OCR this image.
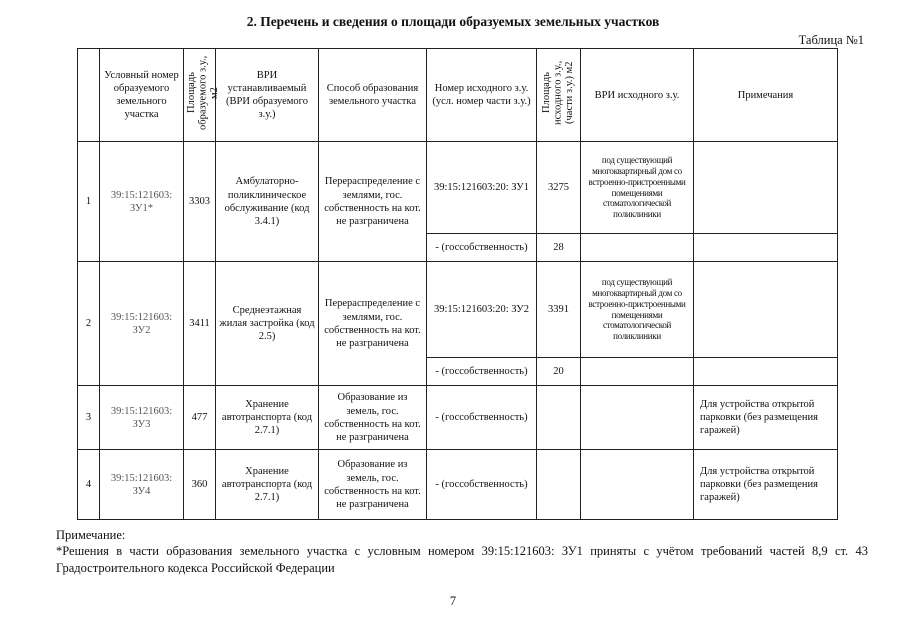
2. Перечень и сведения о площади образуемых земельных участков
Таблица №1
	Условный номер образуемого земельного участка	Площадь образуемого з.у., м2	ВРИ устанавливаемый (ВРИ образуемого з.у.)	Способ образования земельного участка	Номер исходного з.у. (усл. номер части з.у.)	Площадь исходного з.у., (части з.у.) м2	ВРИ исходного з.у.	Примечания
1	39:15:121603: ЗУ1*	3303	Амбулаторно-поликлиническое обслуживание (код 3.4.1)	Перераспределение с землями, гос. собственность на кот. не разграничена	39:15:121603:20: ЗУ1	3275	под существующий многоквартирный дом со встроенно-пристроенными помещениями стоматологической поликлиники	
					- (госсобственность)	28		
2	39:15:121603: ЗУ2	3411	Среднеэтажная жилая застройка (код 2.5)	Перераспределение с землями, гос. собственность на кот. не разграничена	39:15:121603:20: ЗУ2	3391	под существующий многоквартирный дом со встроенно-пристроенными помещениями стоматологической поликлиники	
					- (госсобственность)	20		
3	39:15:121603: ЗУ3	477	Хранение автотранспорта (код 2.7.1)	Образование из земель, гос. собственность на кот. не разграничена	- (госсобственность)			Для устройства открытой парковки (без размещения гаражей)
4	39:15:121603: ЗУ4	360	Хранение автотранспорта (код 2.7.1)	Образование из земель, гос. собственность на кот. не разграничена	- (госсобственность)			Для устройства открытой парковки (без размещения гаражей)
Примечание:
*Решения в части образования земельного участка с условным номером 39:15:121603: ЗУ1 приняты с учётом требований частей 8,9 ст. 43 Градостроительного кодекса Российской Федерации
7
